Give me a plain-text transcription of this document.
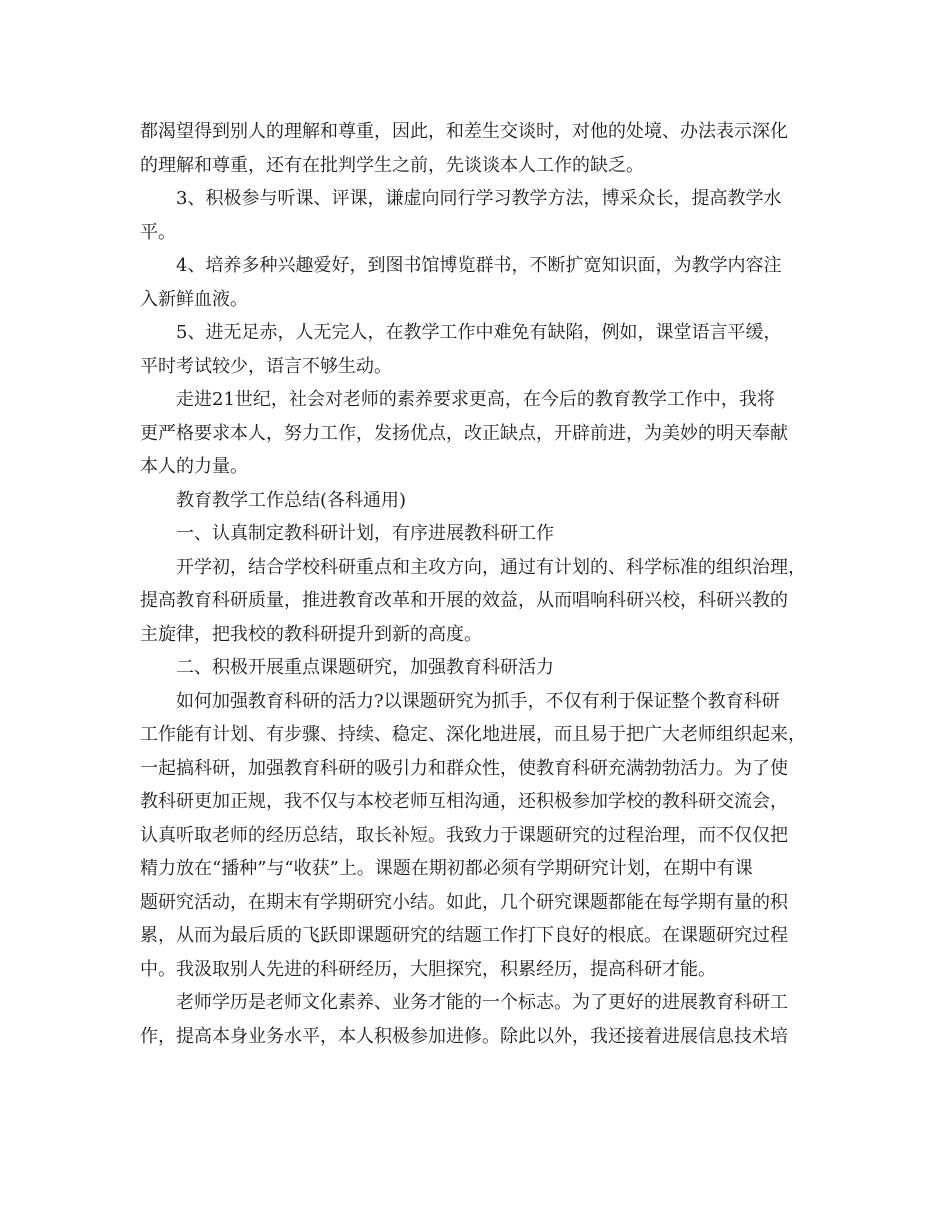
都渴望得到别人的理解和尊重，因此，和差生交谈时，对他的处境、办法表示深化
的理解和尊重，还有在批判学生之前，先谈谈本人工作的缺乏。
3、积极参与听课、评课，谦虚向同行学习教学方法，博采众长，提高教学水
平。
4、培养多种兴趣爱好，到图书馆博览群书，不断扩宽知识面，为教学内容注
入新鲜血液。
5、进无足赤，人无完人，在教学工作中难免有缺陷，例如，课堂语言平缓，
平时考试较少，语言不够生动。
走进21世纪，社会对老师的素养要求更高，在今后的教育教学工作中，我将
更严格要求本人，努力工作，发扬优点，改正缺点，开辟前进，为美妙的明天奉献
本人的力量。
教育教学工作总结(各科通用)
一、认真制定教科研计划，有序进展教科研工作
开学初，结合学校科研重点和主攻方向，通过有计划的、科学标准的组织治理，
提高教育科研质量，推进教育改革和开展的效益，从而唱响科研兴校，科研兴教的
主旋律，把我校的教科研提升到新的高度。
二、积极开展重点课题研究，加强教育科研活力
如何加强教育科研的活力?以课题研究为抓手，不仅有利于保证整个教育科研
工作能有计划、有步骤、持续、稳定、深化地进展，而且易于把广大老师组织起来，
一起搞科研，加强教育科研的吸引力和群众性，使教育科研充满勃勃活力。为了使
教科研更加正规，我不仅与本校老师互相沟通，还积极参加学校的教科研交流会，
认真听取老师的经历总结，取长补短。我致力于课题研究的过程治理，而不仅仅把
精力放在“播种”与“收获”上。课题在期初都必须有学期研究计划，在期中有课
题研究活动，在期末有学期研究小结。如此，几个研究课题都能在每学期有量的积
累，从而为最后质的飞跃即课题研究的结题工作打下良好的根底。在课题研究过程
中。我汲取别人先进的科研经历，大胆探究，积累经历，提高科研才能。
老师学历是老师文化素养、业务才能的一个标志。为了更好的进展教育科研工
作，提高本身业务水平，本人积极参加进修。除此以外，我还接着进展信息技术培
